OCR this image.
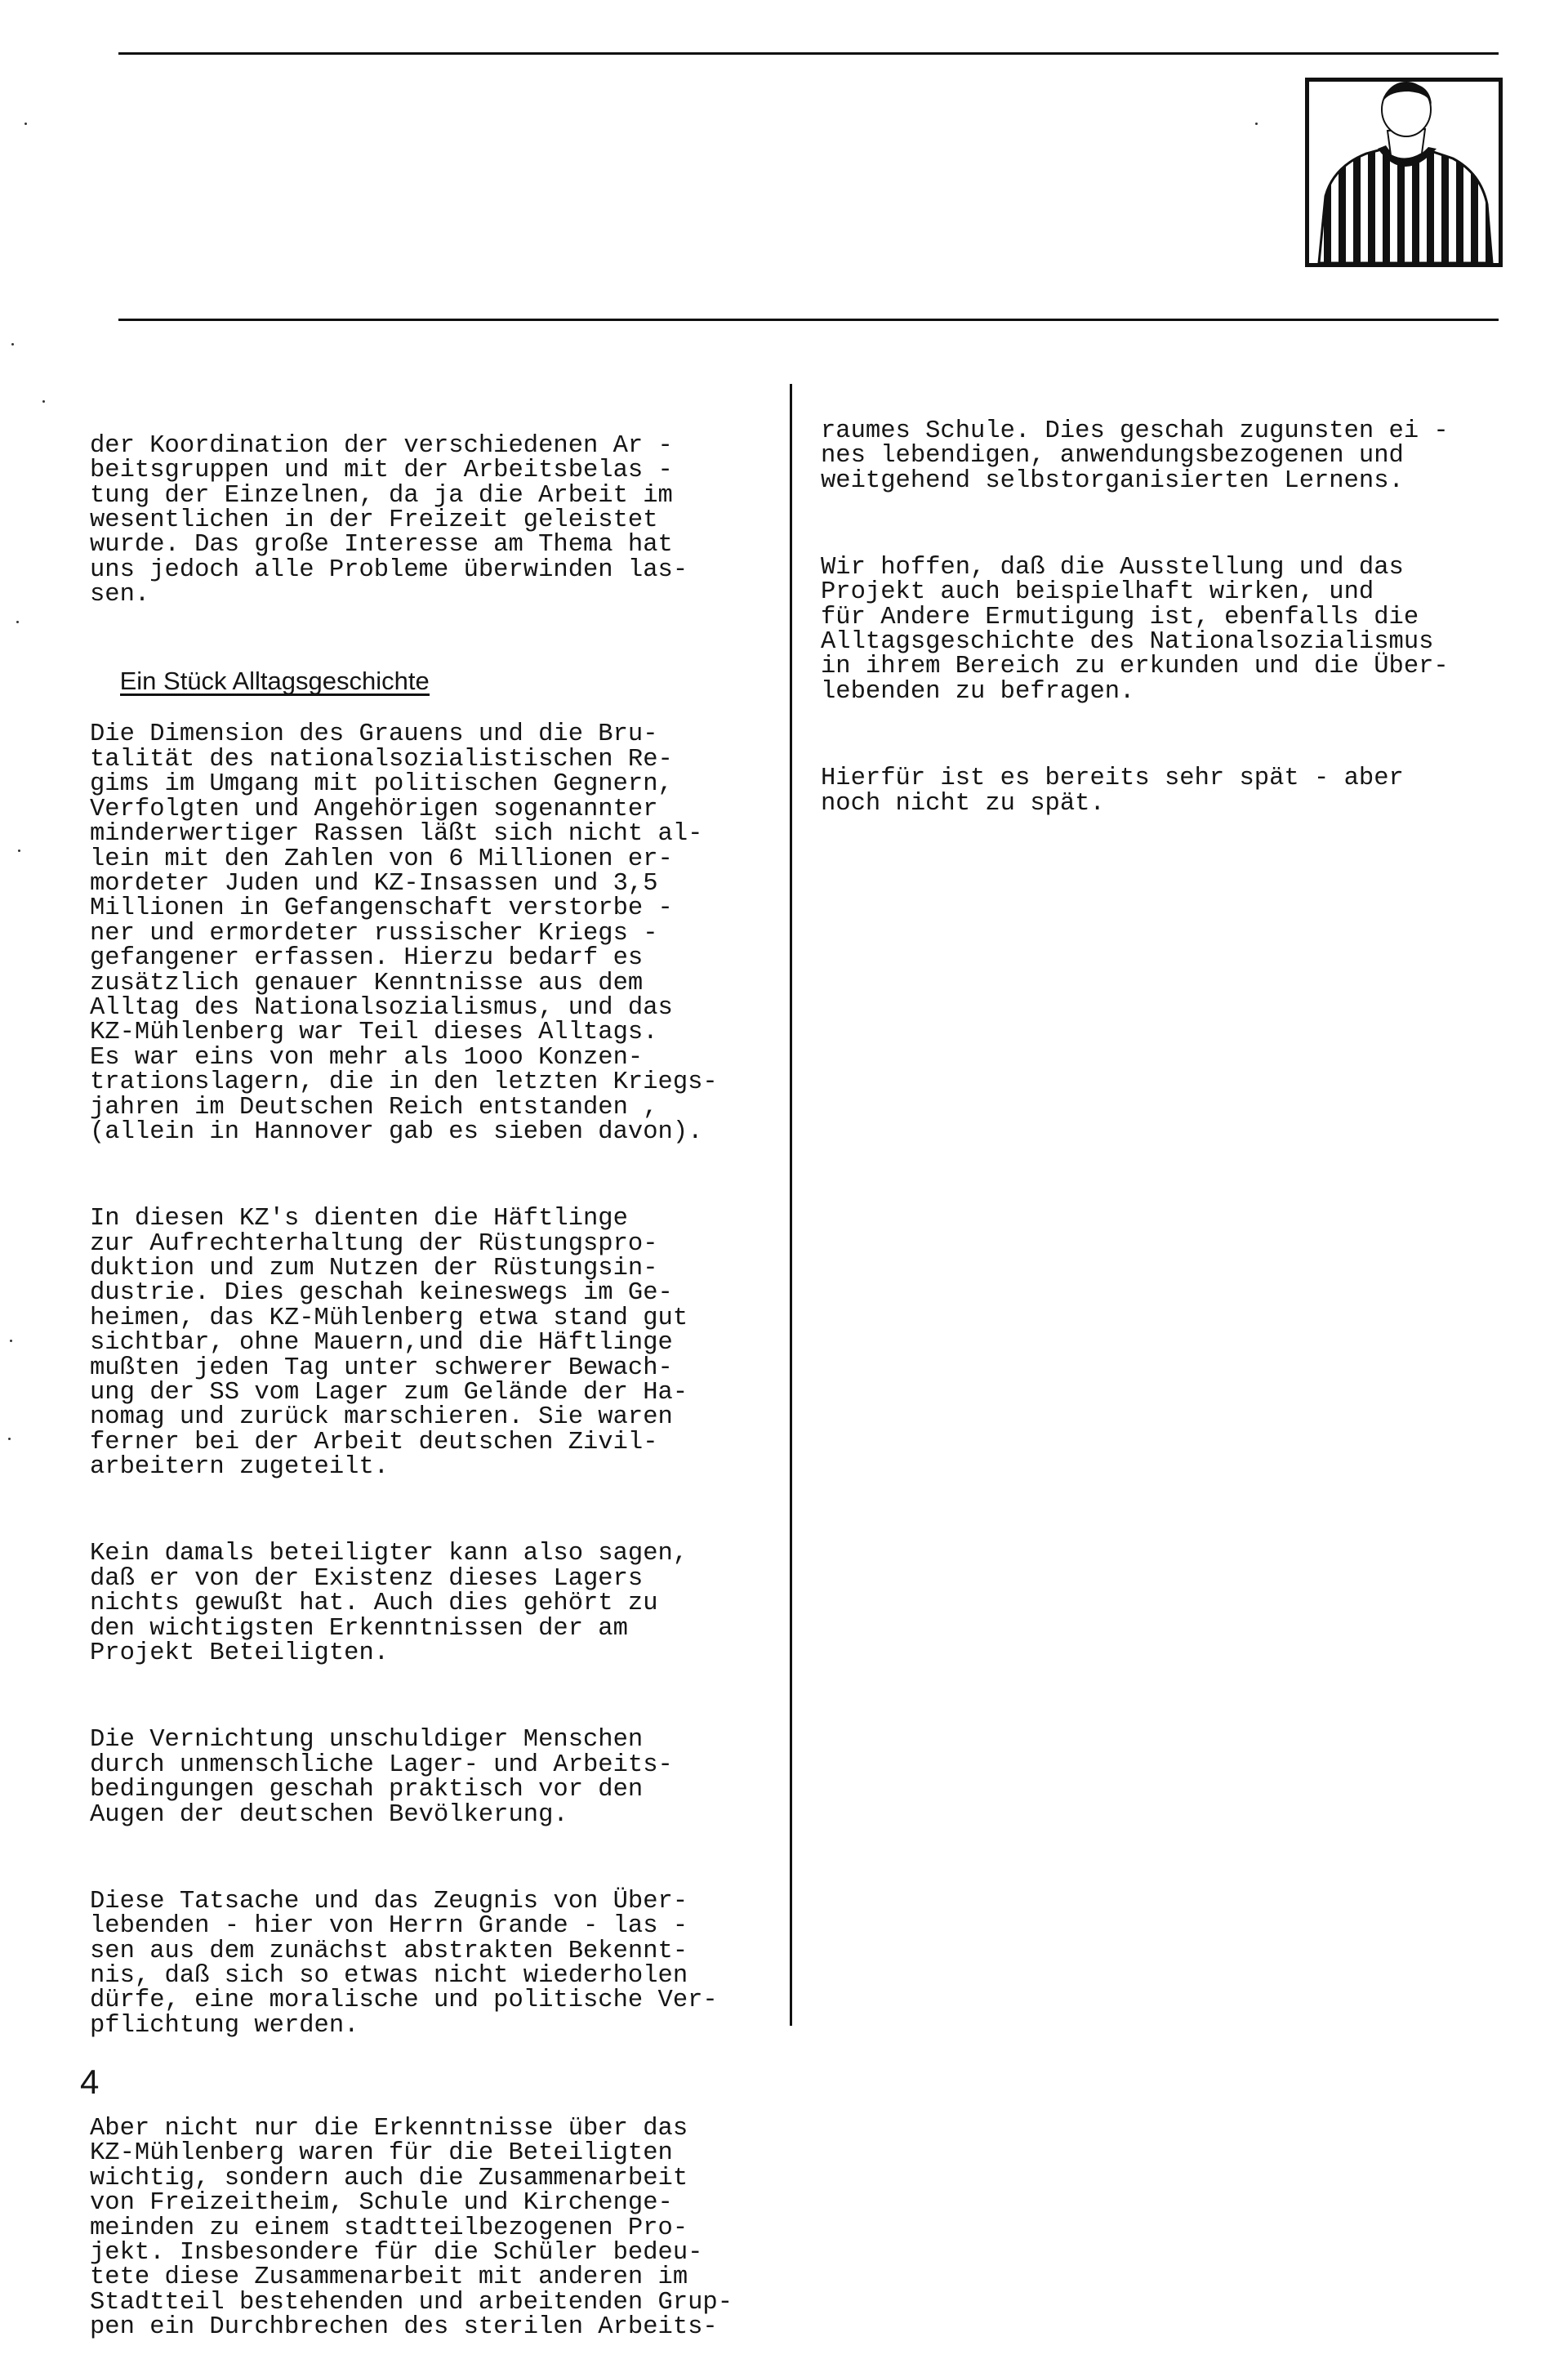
der Koordination der verschiedenen Ar -
beitsgruppen und mit der Arbeitsbelas -
tung der Einzelnen, da ja die Arbeit im
wesentlichen in der Freizeit geleistet
wurde. Das große Interesse am Thema hat
uns jedoch alle Probleme überwinden las-
sen.

Ein Stück Alltagsgeschichte

Die Dimension des Grauens und die Bru-
talität des nationalsozialistischen Re-
gims im Umgang mit politischen Gegnern,
Verfolgten und Angehörigen sogenannter
minderwertiger Rassen läßt sich nicht al-
lein mit den Zahlen von 6 Millionen er-
mordeter Juden und KZ-Insassen und 3,5
Millionen in Gefangenschaft verstorbe -
ner und ermordeter russischer Kriegs -
gefangener erfassen. Hierzu bedarf es
zusätzlich genauer Kenntnisse aus dem
Alltag des Nationalsozialismus, und das
KZ-Mühlenberg war Teil dieses Alltags.
Es war eins von mehr als 1ooo Konzen-
trationslagern, die in den letzten Kriegs-
jahren im Deutschen Reich entstanden ,
(allein in Hannover gab es sieben davon).

In diesen KZ's dienten die Häftlinge
zur Aufrechterhaltung der Rüstungspro-
duktion und zum Nutzen der Rüstungsin-
dustrie. Dies geschah keineswegs im Ge-
heimen, das KZ-Mühlenberg etwa stand gut
sichtbar, ohne Mauern,und die Häftlinge
mußten jeden Tag unter schwerer Bewach-
ung der SS vom Lager zum Gelände der Ha-
nomag und zurück marschieren. Sie waren
ferner bei der Arbeit deutschen Zivil-
arbeitern zugeteilt.

Kein damals beteiligter kann also sagen,
daß er von der Existenz dieses Lagers
nichts gewußt hat. Auch dies gehört zu
den wichtigsten Erkenntnissen der am
Projekt Beteiligten.

Die Vernichtung unschuldiger Menschen
durch unmenschliche Lager- und Arbeits-
bedingungen geschah praktisch vor den
Augen der deutschen Bevölkerung.

Diese Tatsache und das Zeugnis von Über-
lebenden - hier von Herrn Grande - las -
sen aus dem zunächst abstrakten Bekennt-
nis, daß sich so etwas nicht wiederholen
dürfe, eine moralische und politische Ver-
pflichtung werden.

Aber nicht nur die Erkenntnisse über das
KZ-Mühlenberg waren für die Beteiligten
wichtig, sondern auch die Zusammenarbeit
von Freizeitheim, Schule und Kirchenge-
meinden zu einem stadtteilbezogenen Pro-
jekt. Insbesondere für die Schüler bedeu-
tete diese Zusammenarbeit mit anderen im
Stadtteil bestehenden und arbeitenden Grup-
pen ein Durchbrechen des sterilen Arbeits-

raumes Schule. Dies geschah zugunsten ei -
nes lebendigen, anwendungsbezogenen und
weitgehend selbstorganisierten Lernens.

Wir hoffen, daß die Ausstellung und das
Projekt auch beispielhaft wirken, und
für Andere Ermutigung ist, ebenfalls die
Alltagsgeschichte des Nationalsozialismus
in ihrem Bereich zu erkunden und die Über-
lebenden zu befragen.

Hierfür ist es bereits sehr spät - aber
noch nicht zu spät.

4
